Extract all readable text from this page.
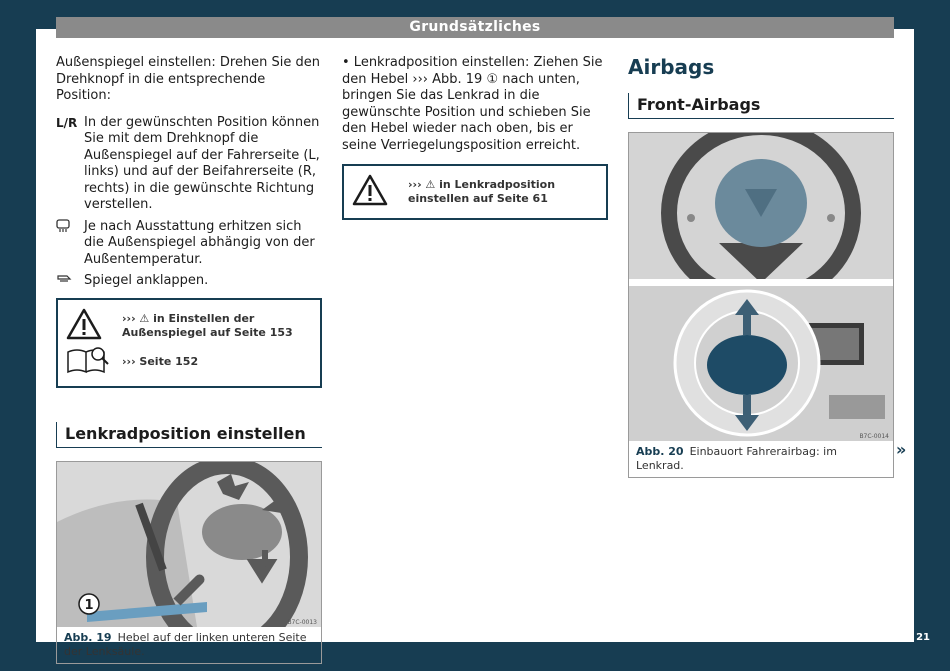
Grundsätzliches

Außenspiegel einstellen: Drehen Sie den Drehknopf in die entsprechende Position:

L/R In der gewünschten Position können Sie mit dem Drehknopf die Außenspiegel auf der Fahrerseite (L, links) und auf der Beifahrerseite (R, rechts) in die gewünschte Richtung verstellen.
Je nach Ausstattung erhitzen sich die Außenspiegel abhängig von der Außentemperatur.
Spiegel anklappen.
››› ⚠ in Einstellen der Außenspiegel auf Seite 153
››› Seite 152
Lenkradposition einstellen
1
B7C-0013
Abb. 19 Hebel auf der linken unteren Seite der Lenksäule.

• Lenkradposition einstellen: Ziehen Sie den Hebel ››› Abb. 19 ① nach unten, bringen Sie das Lenkrad in die gewünschte Position und schieben Sie den Hebel wieder nach oben, bis er seine Verriegelungsposition erreicht.

››› ⚠ in Lenkradposition einstellen auf Seite 61
Airbags
Front-Airbags
B7C-0014
Abb. 20 Einbauort Fahrerairbag: im Lenkrad.
»
21
